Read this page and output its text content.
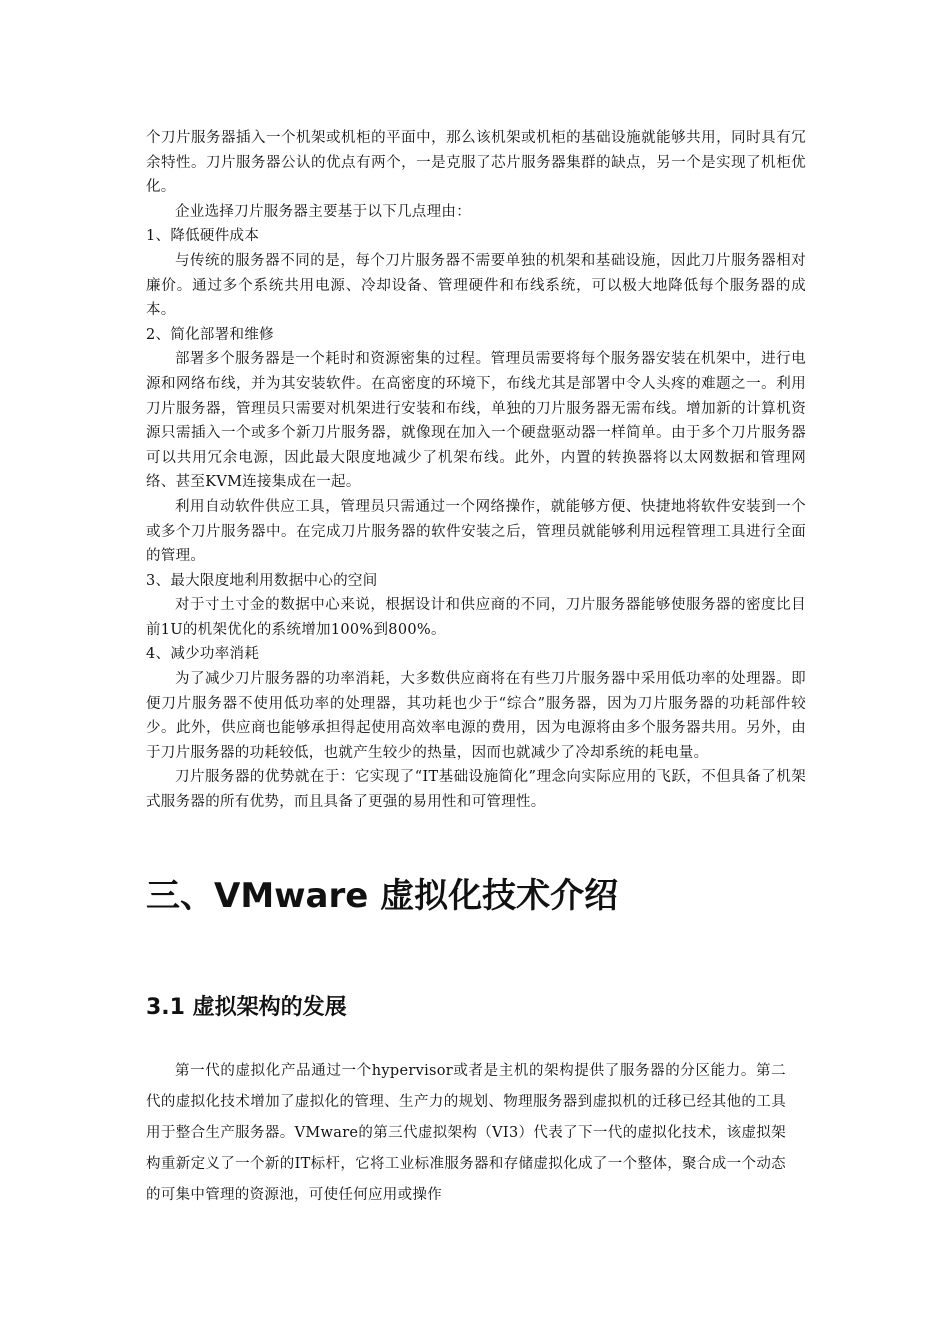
个刀片服务器插入一个机架或机柜的平面中，那么该机架或机柜的基础设施就能够共用，同时具有冗余特性。刀片服务器公认的优点有两个，一是克服了芯片服务器集群的缺点，另一个是实现了机柜优化。

企业选择刀片服务器主要基于以下几点理由：

1、降低硬件成本

与传统的服务器不同的是，每个刀片服务器不需要单独的机架和基础设施，因此刀片服务器相对廉价。通过多个系统共用电源、冷却设备、管理硬件和布线系统，可以极大地降低每个服务器的成本。

2、简化部署和维修

部署多个服务器是一个耗时和资源密集的过程。管理员需要将每个服务器安装在机架中，进行电源和网络布线，并为其安装软件。在高密度的环境下，布线尤其是部署中令人头疼的难题之一。利用刀片服务器，管理员只需要对机架进行安装和布线，单独的刀片服务器无需布线。增加新的计算机资源只需插入一个或多个新刀片服务器，就像现在加入一个硬盘驱动器一样简单。由于多个刀片服务器可以共用冗余电源，因此最大限度地减少了机架布线。此外，内置的转换器将以太网数据和管理网络、甚至KVM连接集成在一起。

利用自动软件供应工具，管理员只需通过一个网络操作，就能够方便、快捷地将软件安装到一个或多个刀片服务器中。在完成刀片服务器的软件安装之后，管理员就能够利用远程管理工具进行全面的管理。

3、最大限度地利用数据中心的空间

对于寸土寸金的数据中心来说，根据设计和供应商的不同，刀片服务器能够使服务器的密度比目前1U的机架优化的系统增加100%到800%。

4、减少功率消耗

为了减少刀片服务器的功率消耗，大多数供应商将在有些刀片服务器中采用低功率的处理器。即便刀片服务器不使用低功率的处理器，其功耗也少于“综合”服务器，因为刀片服务器的功耗部件较少。此外，供应商也能够承担得起使用高效率电源的费用，因为电源将由多个服务器共用。另外，由于刀片服务器的功耗较低，也就产生较少的热量，因而也就减少了冷却系统的耗电量。

刀片服务器的优势就在于：它实现了“IT基础设施简化”理念向实际应用的飞跃，不但具备了机架式服务器的所有优势，而且具备了更强的易用性和可管理性。

三、VMware 虚拟化技术介绍
3.1 虚拟架构的发展

第一代的虚拟化产品通过一个hypervisor或者是主机的架构提供了服务器的分区能力。第二代的虚拟化技术增加了虚拟化的管理、生产力的规划、物理服务器到虚拟机的迁移已经其他的工具用于整合生产服务器。VMware的第三代虚拟架构（VI3）代表了下一代的虚拟化技术，该虚拟架构重新定义了一个新的IT标杆，它将工业标准服务器和存储虚拟化成了一个整体，聚合成一个动态的可集中管理的资源池，可使任何应用或操作
